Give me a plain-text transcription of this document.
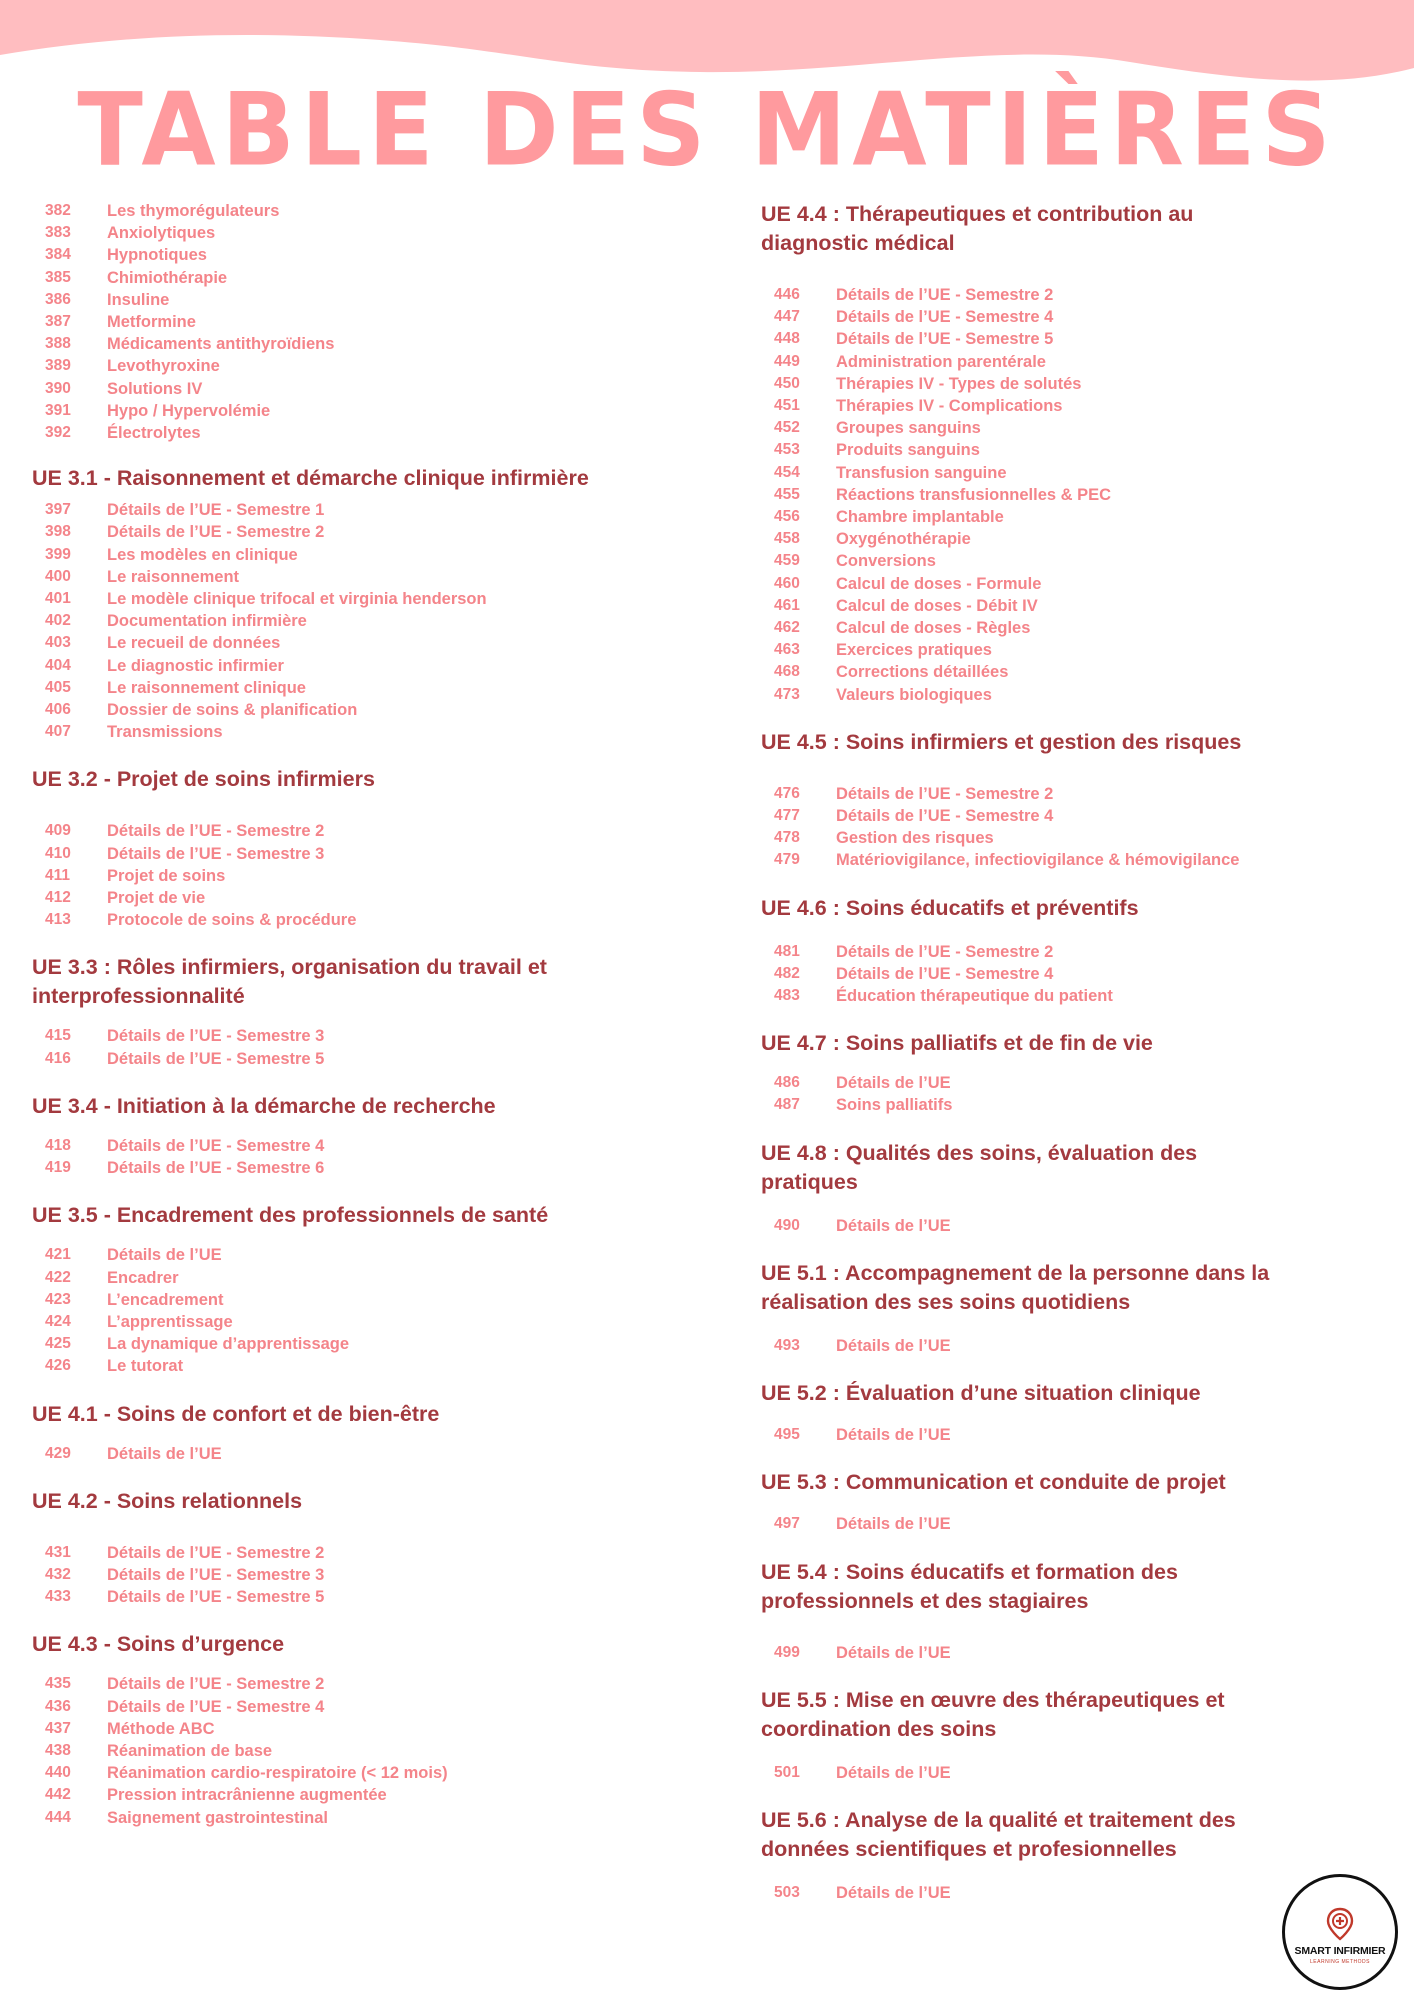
TABLE DES MATIÈRES
382	Les thymorégulateurs
383	Anxiolytiques
384	Hypnotiques
385	Chimiothérapie
386	Insuline
387	Metformine
388	Médicaments antithyroïdiens
389	Levothyroxine
390	Solutions IV
391	Hypo / Hypervolémie
392	Électrolytes
UE 3.1 - Raisonnement et démarche clinique infirmière
397	Détails de l’UE - Semestre 1
398	Détails de l’UE - Semestre 2
399	Les modèles en clinique
400	Le raisonnement
401	Le modèle clinique trifocal et virginia henderson
402	Documentation infirmière
403	Le recueil de données
404	Le diagnostic infirmier
405	Le raisonnement clinique
406	Dossier de soins & planification
407	Transmissions
UE 3.2 - Projet de soins infirmiers
409	Détails de l’UE - Semestre 2
410	Détails de l’UE - Semestre 3
411	Projet de soins
412	Projet de vie
413	Protocole de soins & procédure
UE 3.3 : Rôles infirmiers, organisation du travail et interprofessionnalité
415	Détails de l’UE - Semestre 3
416	Détails de l’UE - Semestre 5
UE 3.4 - Initiation à la démarche de recherche
418	Détails de l’UE - Semestre 4
419	Détails de l’UE - Semestre 6
UE 3.5 - Encadrement des professionnels de santé
421	Détails de l’UE
422	Encadrer
423	L’encadrement
424	L’apprentissage
425	La dynamique d’apprentissage
426	Le tutorat
UE 4.1 - Soins de confort et de bien-être
429	Détails de l’UE
UE 4.2 - Soins relationnels
431	Détails de l’UE - Semestre 2
432	Détails de l’UE - Semestre 3
433	Détails de l’UE - Semestre 5
UE 4.3 - Soins d’urgence
435	Détails de l’UE - Semestre 2
436	Détails de l’UE - Semestre 4
437	Méthode ABC
438	Réanimation de base
440	Réanimation cardio-respiratoire (< 12 mois)
442	Pression intracrânienne augmentée
444	Saignement gastrointestinal
UE 4.4 : Thérapeutiques et contribution au diagnostic médical
446	Détails de l’UE - Semestre 2
447	Détails de l’UE - Semestre 4
448	Détails de l’UE - Semestre 5
449	Administration parentérale
450	Thérapies IV - Types de solutés
451	Thérapies IV - Complications
452	Groupes sanguins
453	Produits sanguins
454	Transfusion sanguine
455	Réactions transfusionnelles & PEC
456	Chambre implantable
458	Oxygénothérapie
459	Conversions
460	Calcul de doses - Formule
461	Calcul de doses - Débit IV
462	Calcul de doses - Règles
463	Exercices pratiques
468	Corrections détaillées
473	Valeurs biologiques
UE 4.5 : Soins infirmiers et gestion des risques
476	Détails de l’UE - Semestre 2
477	Détails de l’UE - Semestre 4
478	Gestion des risques
479	Matériovigilance, infectiovigilance & hémovigilance
UE 4.6 : Soins éducatifs et préventifs
481	Détails de l’UE - Semestre 2
482	Détails de l’UE - Semestre 4
483	Éducation thérapeutique du patient
UE 4.7 : Soins palliatifs et de fin de vie
486	Détails de l’UE
487	Soins palliatifs
UE 4.8 : Qualités des soins, évaluation des pratiques
490	Détails de l’UE
UE 5.1 : Accompagnement de la personne dans la réalisation des ses soins quotidiens
493	Détails de l’UE
UE 5.2 : Évaluation d’une situation clinique
495	Détails de l’UE
UE 5.3 : Communication et conduite de projet
497	Détails de l’UE
UE 5.4 : Soins éducatifs et formation des professionnels et des stagiaires
499	Détails de l’UE
UE 5.5 : Mise en œuvre des thérapeutiques et coordination des soins
501	Détails de l’UE
UE 5.6 : Analyse de la qualité et traitement des données scientifiques et profesionnelles
503	Détails de l’UE
SMART INFIRMIER
LEARNING METHODS
